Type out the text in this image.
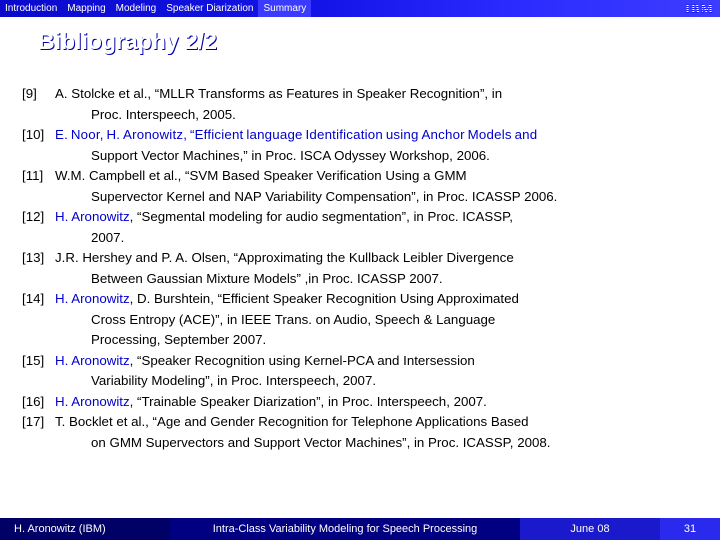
Introduction	Mapping	Modeling	Speaker Diarization	Summary	IBM
Bibliography 2/2
[9]	A. Stolcke et al., “MLLR Transforms as Features in Speaker Recognition”, in

Proc. Interspeech, 2005.

[10] E. Noor, H. Aronowitz, “Efficient language Identification using Anchor Models and

Support Vector Machines,” in Proc. ISCA Odyssey Workshop, 2006.

[11] W.M. Campbell et al., “SVM Based Speaker Verification Using a GMM

Supervector Kernel and NAP Variability Compensation”, in Proc. ICASSP 2006.

[12] H. Aronowitz, “Segmental modeling for audio segmentation”, in Proc. ICASSP,

2007.

[13] J.R. Hershey and P. A. Olsen, “Approximating the Kullback Leibler Divergence

Between Gaussian Mixture Models” ,in Proc. ICASSP 2007.

[14] H. Aronowitz, D. Burshtein, “Efficient Speaker Recognition Using Approximated

Cross Entropy (ACE)”, in IEEE Trans. on Audio, Speech & Language

Processing, September 2007.

[15] H. Aronowitz, “Speaker Recognition using Kernel-PCA and Intersession

Variability Modeling”, in Proc. Interspeech, 2007.

[16] H. Aronowitz, “Trainable Speaker Diarization”, in Proc. Interspeech, 2007.

[17] T. Bocklet et al., “Age and Gender Recognition for Telephone Applications Based

on GMM Supervectors and Support Vector Machines”, in Proc. ICASSP, 2008.

H. Aronowitz (IBM)	Intra-Class Variability Modeling for Speech Processing	June 08	31
